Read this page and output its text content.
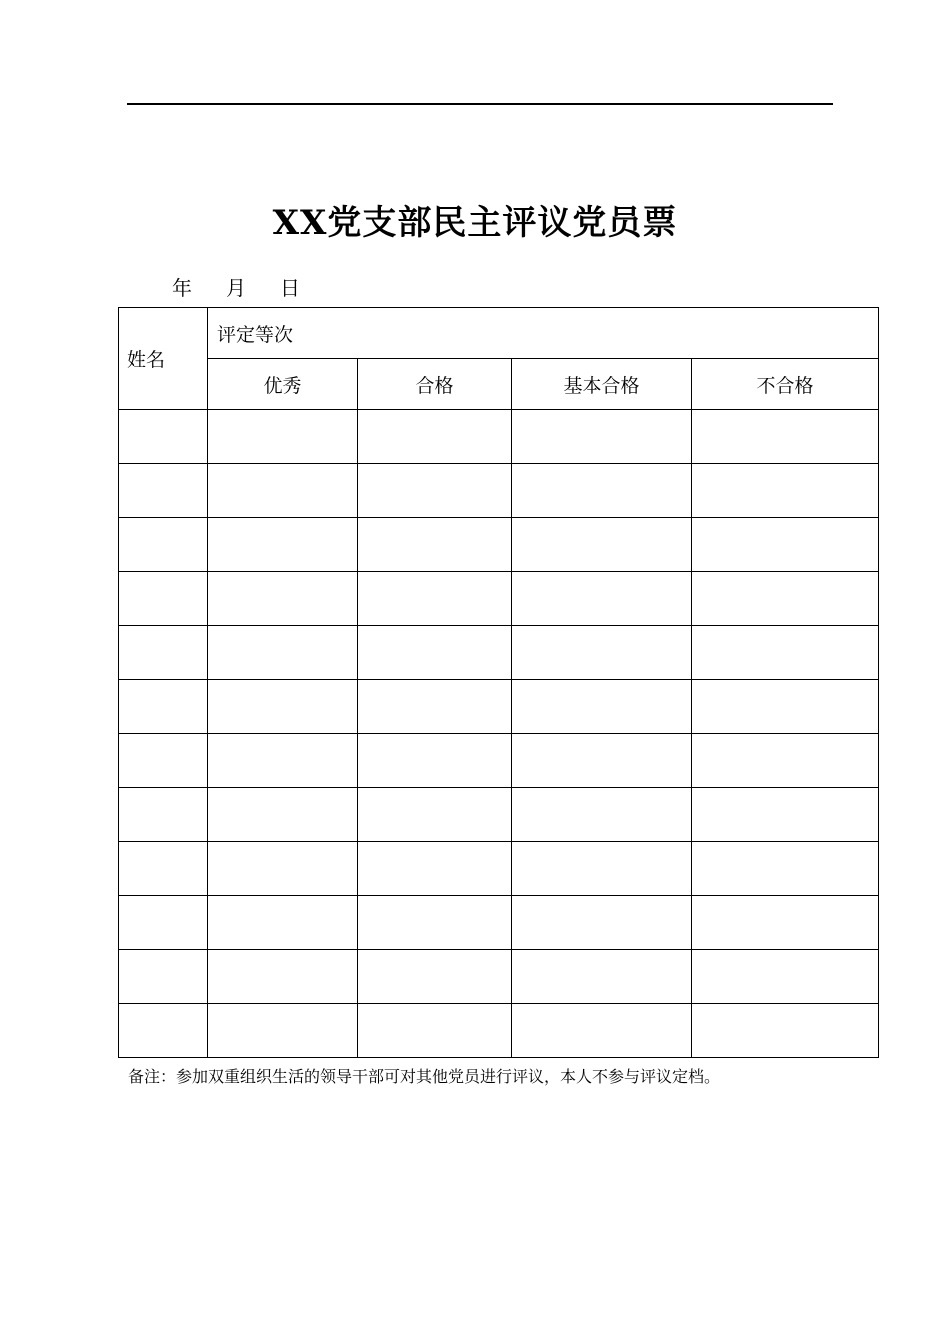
XX党支部民主评议党员票
年 月 日
姓名	评定等次			
	优秀	合格	基本合格	不合格

备注：参加双重组织生活的领导干部可对其他党员进行评议，本人不参与评议定档。
